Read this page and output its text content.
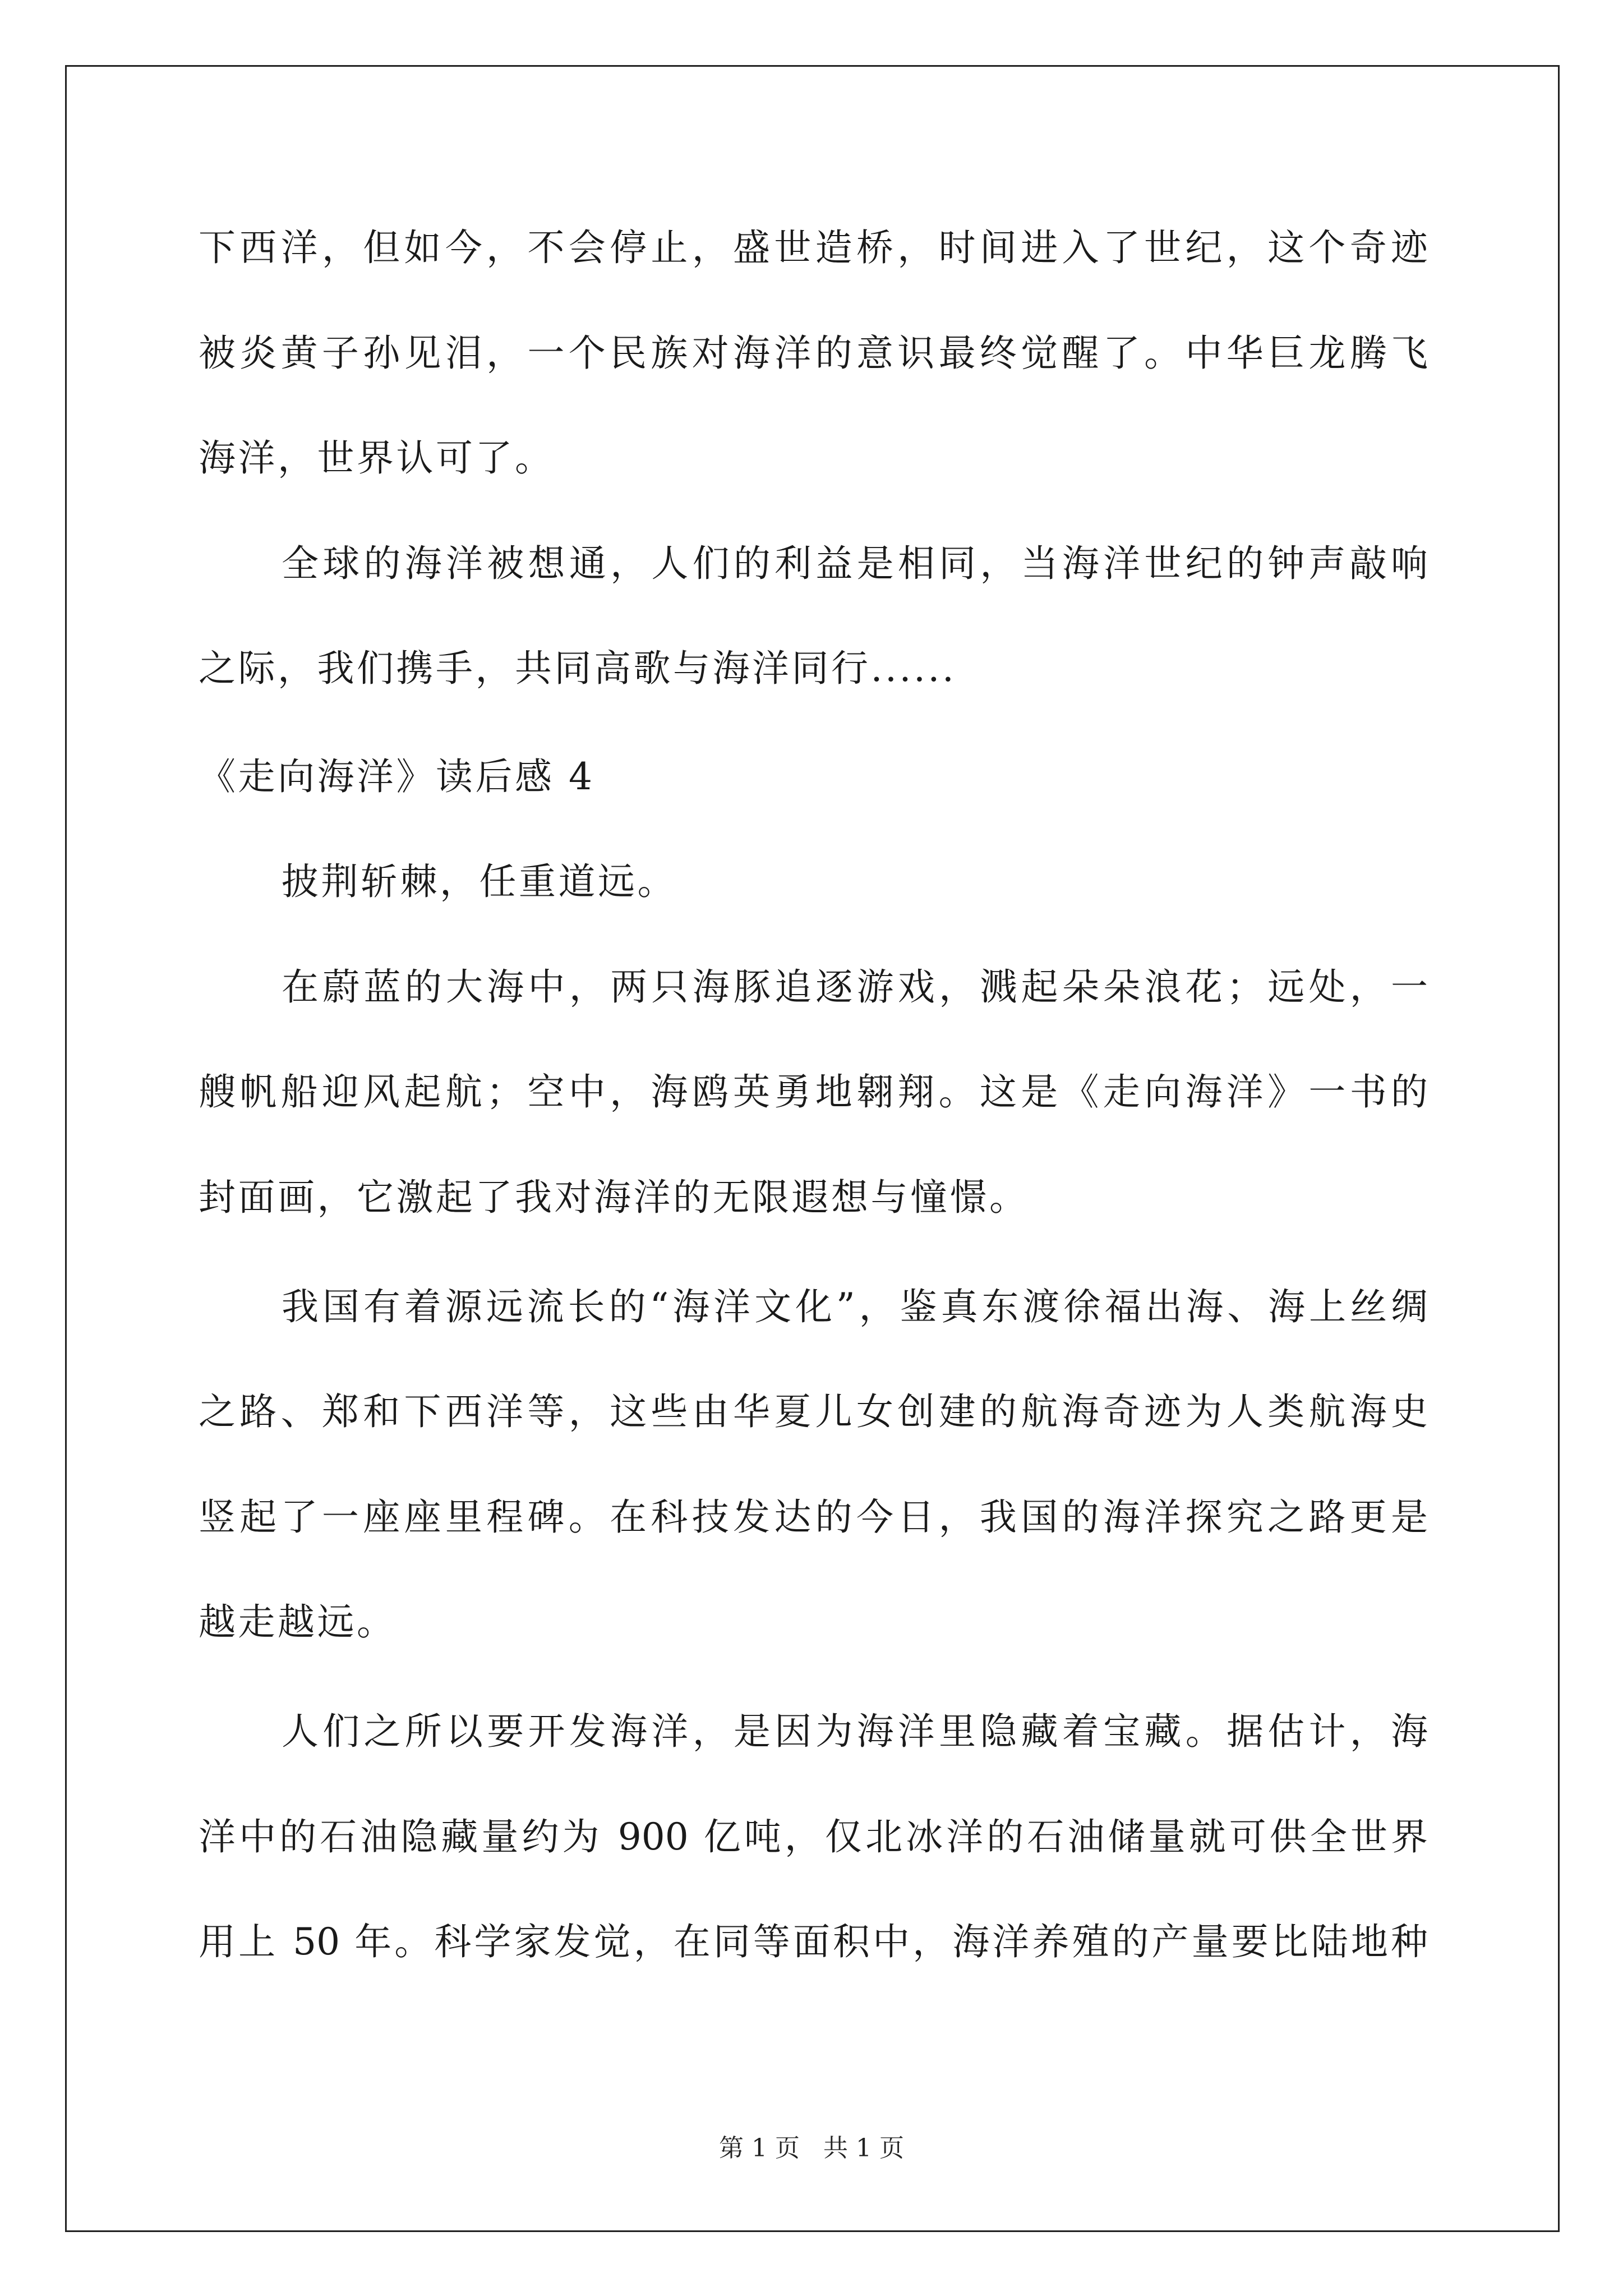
下西洋，但如今，不会停止，盛世造桥，时间进入了世纪，这个奇迹
被炎黄子孙见泪，一个民族对海洋的意识最终觉醒了。中华巨龙腾飞
海洋，世界认可了。
全球的海洋被想通，人们的利益是相同，当海洋世纪的钟声敲响
之际，我们携手，共同高歌与海洋同行......
《走向海洋》读后感 4
披荆斩棘，任重道远。
在蔚蓝的大海中，两只海豚追逐游戏，溅起朵朵浪花；远处，一
艘帆船迎风起航；空中，海鸥英勇地翱翔。这是《走向海洋》一书的
封面画，它激起了我对海洋的无限遐想与憧憬。
我国有着源远流长的“海洋文化”，鉴真东渡徐福出海、海上丝绸
之路、郑和下西洋等，这些由华夏儿女创建的航海奇迹为人类航海史
竖起了一座座里程碑。在科技发达的今日，我国的海洋探究之路更是
越走越远。
人们之所以要开发海洋，是因为海洋里隐藏着宝藏。据估计，海
洋中的石油隐藏量约为 900 亿吨，仅北冰洋的石油储量就可供全世界
用上 50 年。科学家发觉，在同等面积中，海洋养殖的产量要比陆地种
第 1 页   共 1 页
